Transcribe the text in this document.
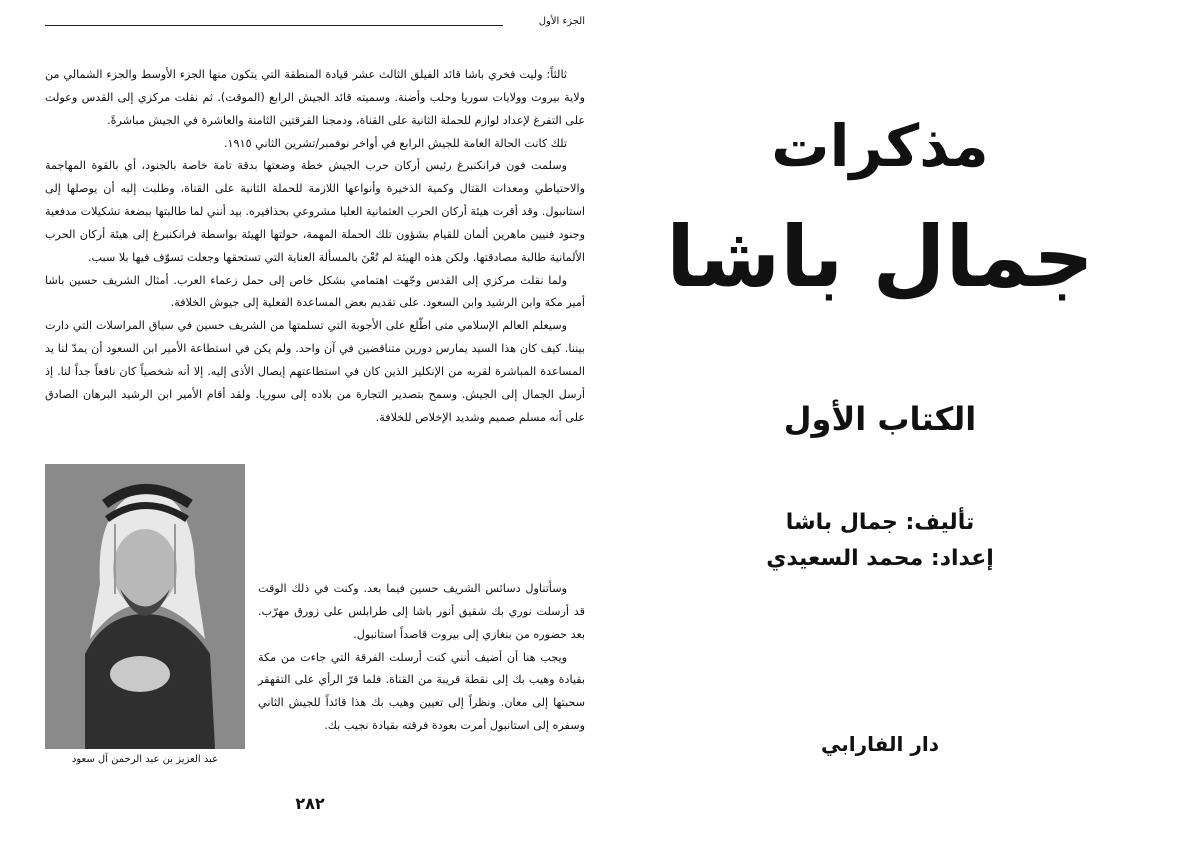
الجزء الأول
ثالثاً: وليت فخري باشا قائد الفيلق الثالث عشر قيادة المنطقة التي يتكون منها الجزء الأوسط والجزء الشمالي من ولاية بيروت وولايات سوريا وحلب وأضنة. وسميته قائد الجيش الرابع (الموقت). ثم نقلت مركزي إلى القدس وعولت على التفرغ لإعداد لوازم للحملة الثانية على القناة، ودمجنا الفرقتين الثامنة والعاشرة في الجيش مباشرةً.
تلك كانت الحالة العامة للجيش الرابع في أواخر نوفمبر/تشرين الثاني ١٩١٥.
وسلمت فون فرانكنبرغ رئيس أركان حرب الجيش خطة وضعتها بدقة تامة خاصة بالجنود، أي بالقوة المهاجمة والاحتياطي ومعدات القتال وكمية الذخيرة وأنواعها اللازمة للحملة الثانية على القناة، وطلبت إليه أن يوصلها إلى استانبول. وقد أقرت هيئة أركان الحرب العثمانية العليا مشروعي بحذافيره. بيد أنني لما طالبتها ببضعة تشكيلات مدفعية وجنود فنيين ماهرين ألمان للقيام بشؤون تلك الحملة المهمة، حولتها الهيئة بواسطة فرانكنبرغ إلى هيئة أركان الحرب الألمانية طالبة مصادقتها. ولكن هذه الهيئة لم تُعْنَ بالمسألة العناية التي تستحقها وجعلت تسوّف فيها بلا سبب.
ولما نقلت مركزي إلى القدس وجّهت اهتمامي بشكل خاص إلى حمل زعماء العرب. أمثال الشريف حسين باشا أمير مكة وابن الرشيد وابن السعود. على تقديم بعض المساعدة الفعلية إلى جيوش الخلافة.
وسيعلم العالم الإسلامي متى اطّلع على الأجوبة التي تسلمتها من الشريف حسين في سياق المراسلات التي دارت بيننا. كيف كان هذا السيد يمارس دورين متناقضين في آن واحد. ولم يكن في استطاعة الأمير ابن السعود أن يمدّ لنا يد المساعدة المباشرة لقربه من الإنكليز الذين كان في استطاعتهم إيصال الأذى إليه. إلا أنه شخصياً كان نافعاً جداً لنا. إذ أرسل الجمال إلى الجيش. وسمح بتصدير التجارة من بلاده إلى سوريا. ولقد أقام الأمير ابن الرشيد البرهان الصادق على أنه مسلم صميم وشديد الإخلاص للخلافة.
وسأتناول دسائس الشريف حسين فيما بعد. وكنت في ذلك الوقت قد أرسلت نوري بك شقيق أنور باشا إلى طرابلس على زورق مهرّب. بعد حضوره من بنغازي إلى بيروت قاصداً استانبول.
ويجب هنا أن أضيف أنني كنت أرسلت الفرقة التي جاءت من مكة بقيادة وهيب بك إلى نقطة قريبة من القناة. فلما قرّ الرأي على التقهقر سحبتها إلى معان. ونظراً إلى تعيين وهيب بك هذا قائداً للجيش الثاني وسفره إلى استانبول أمرت بعودة فرقته بقيادة نجيب بك.
عبد العزيز بن عبد الرحمن آل سعود
٢٨٢
مذكرات
جمال باشا
الكتاب الأول
تأليف: جمال باشا
إعداد: محمد السعيدي
دار الفارابي
